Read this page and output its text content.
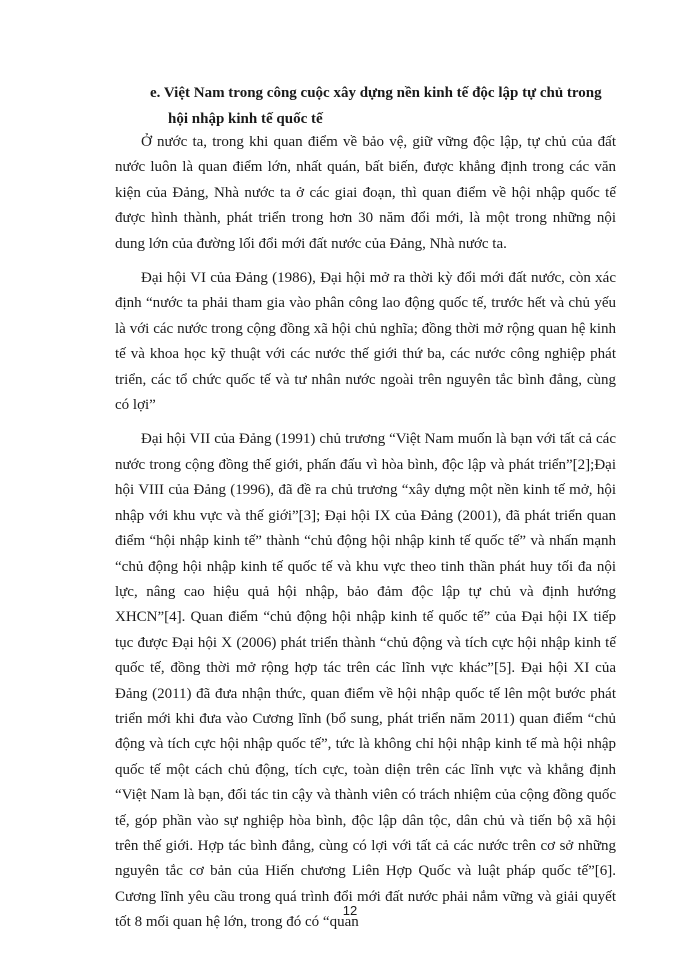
e. Việt Nam trong công cuộc xây dựng nền kinh tế độc lập tự chủ trong
hội nhập kinh tế quốc tế

Ở nước ta, trong khi quan điểm về bảo vệ, giữ vững độc lập, tự chủ của đất nước luôn là quan điểm lớn, nhất quán, bất biến, được khẳng định trong các văn kiện của Đảng, Nhà nước ta ở các giai đoạn, thì quan điểm về hội nhập quốc tế được hình thành, phát triển trong hơn 30 năm đổi mới, là một trong những nội dung lớn của đường lối đổi mới đất nước của Đảng, Nhà nước ta.

Đại hội VI của Đảng (1986), Đại hội mở ra thời kỳ đổi mới đất nước, còn xác định “nước ta phải tham gia vào phân công lao động quốc tế, trước hết và chủ yếu là với các nước trong cộng đồng xã hội chủ nghĩa; đồng thời mở rộng quan hệ kinh tế và khoa học kỹ thuật với các nước thế giới thứ ba, các nước công nghiệp phát triển, các tổ chức quốc tế và tư nhân nước ngoài trên nguyên tắc bình đẳng, cùng có lợi”

Đại hội VII của Đảng (1991) chủ trương “Việt Nam muốn là bạn với tất cả các nước trong cộng đồng thế giới, phấn đấu vì hòa bình, độc lập và phát triển”[2];Đại hội VIII của Đảng (1996), đã đề ra chủ trương “xây dựng một nền kinh tế mở, hội nhập với khu vực và thế giới”[3]; Đại hội IX của Đảng (2001), đã phát triển quan điểm “hội nhập kinh tế” thành “chủ động hội nhập kinh tế quốc tế” và nhấn mạnh “chủ động hội nhập kinh tế quốc tế và khu vực theo tinh thần phát huy tối đa nội lực, nâng cao hiệu quả hội nhập, bảo đảm độc lập tự chủ và định hướng XHCN”[4]. Quan điểm “chủ động hội nhập kinh tế quốc tế” của Đại hội IX tiếp tục được Đại hội X (2006) phát triển thành “chủ động và tích cực hội nhập kinh tế quốc tế, đồng thời mở rộng hợp tác trên các lĩnh vực khác”[5]. Đại hội XI của Đảng (2011) đã đưa nhận thức, quan điểm về hội nhập quốc tế lên một bước phát triển mới khi đưa vào Cương lĩnh (bổ sung, phát triển năm 2011) quan điểm “chủ động và tích cực hội nhập quốc tế”, tức là không chỉ hội nhập kinh tế mà hội nhập quốc tế một cách chủ động, tích cực, toàn diện trên các lĩnh vực và khẳng định “Việt Nam là bạn, đối tác tin cậy và thành viên có trách nhiệm của cộng đồng quốc tế, góp phần vào sự nghiệp hòa bình, độc lập dân tộc, dân chủ và tiến bộ xã hội trên thế giới. Hợp tác bình đẳng, cùng có lợi với tất cả các nước trên cơ sở những nguyên tắc cơ bản của Hiến chương Liên Hợp Quốc và luật pháp quốc tế”[6]. Cương lĩnh yêu cầu trong quá trình đổi mới đất nước phải nắm vững và giải quyết tốt 8 mối quan hệ lớn, trong đó có “quan

12
